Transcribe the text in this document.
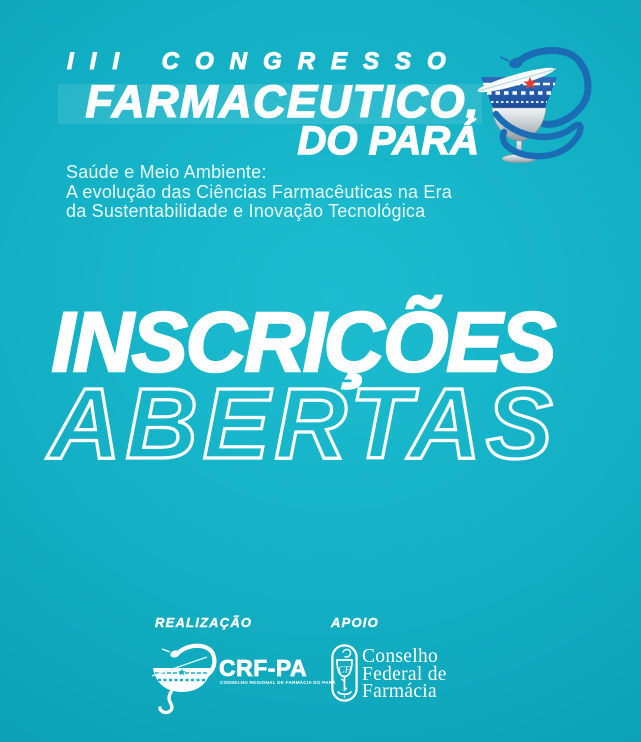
III CONGRESSO

FARMACEUTICO,
DO PARÁ

Saúde e Meio Ambiente:
A evolução das Ciências Farmacêuticas na Era
da Sustentabilidade e Inovação Tecnológica

INSCRIÇÕES
ABERTAS

REALIZAÇÃO	APOIO

CRF-PA

CONSELHO REGIONAL DE FARMÁCIA DO PARÁ

CF

Conselho
Federal de
Farmácia
